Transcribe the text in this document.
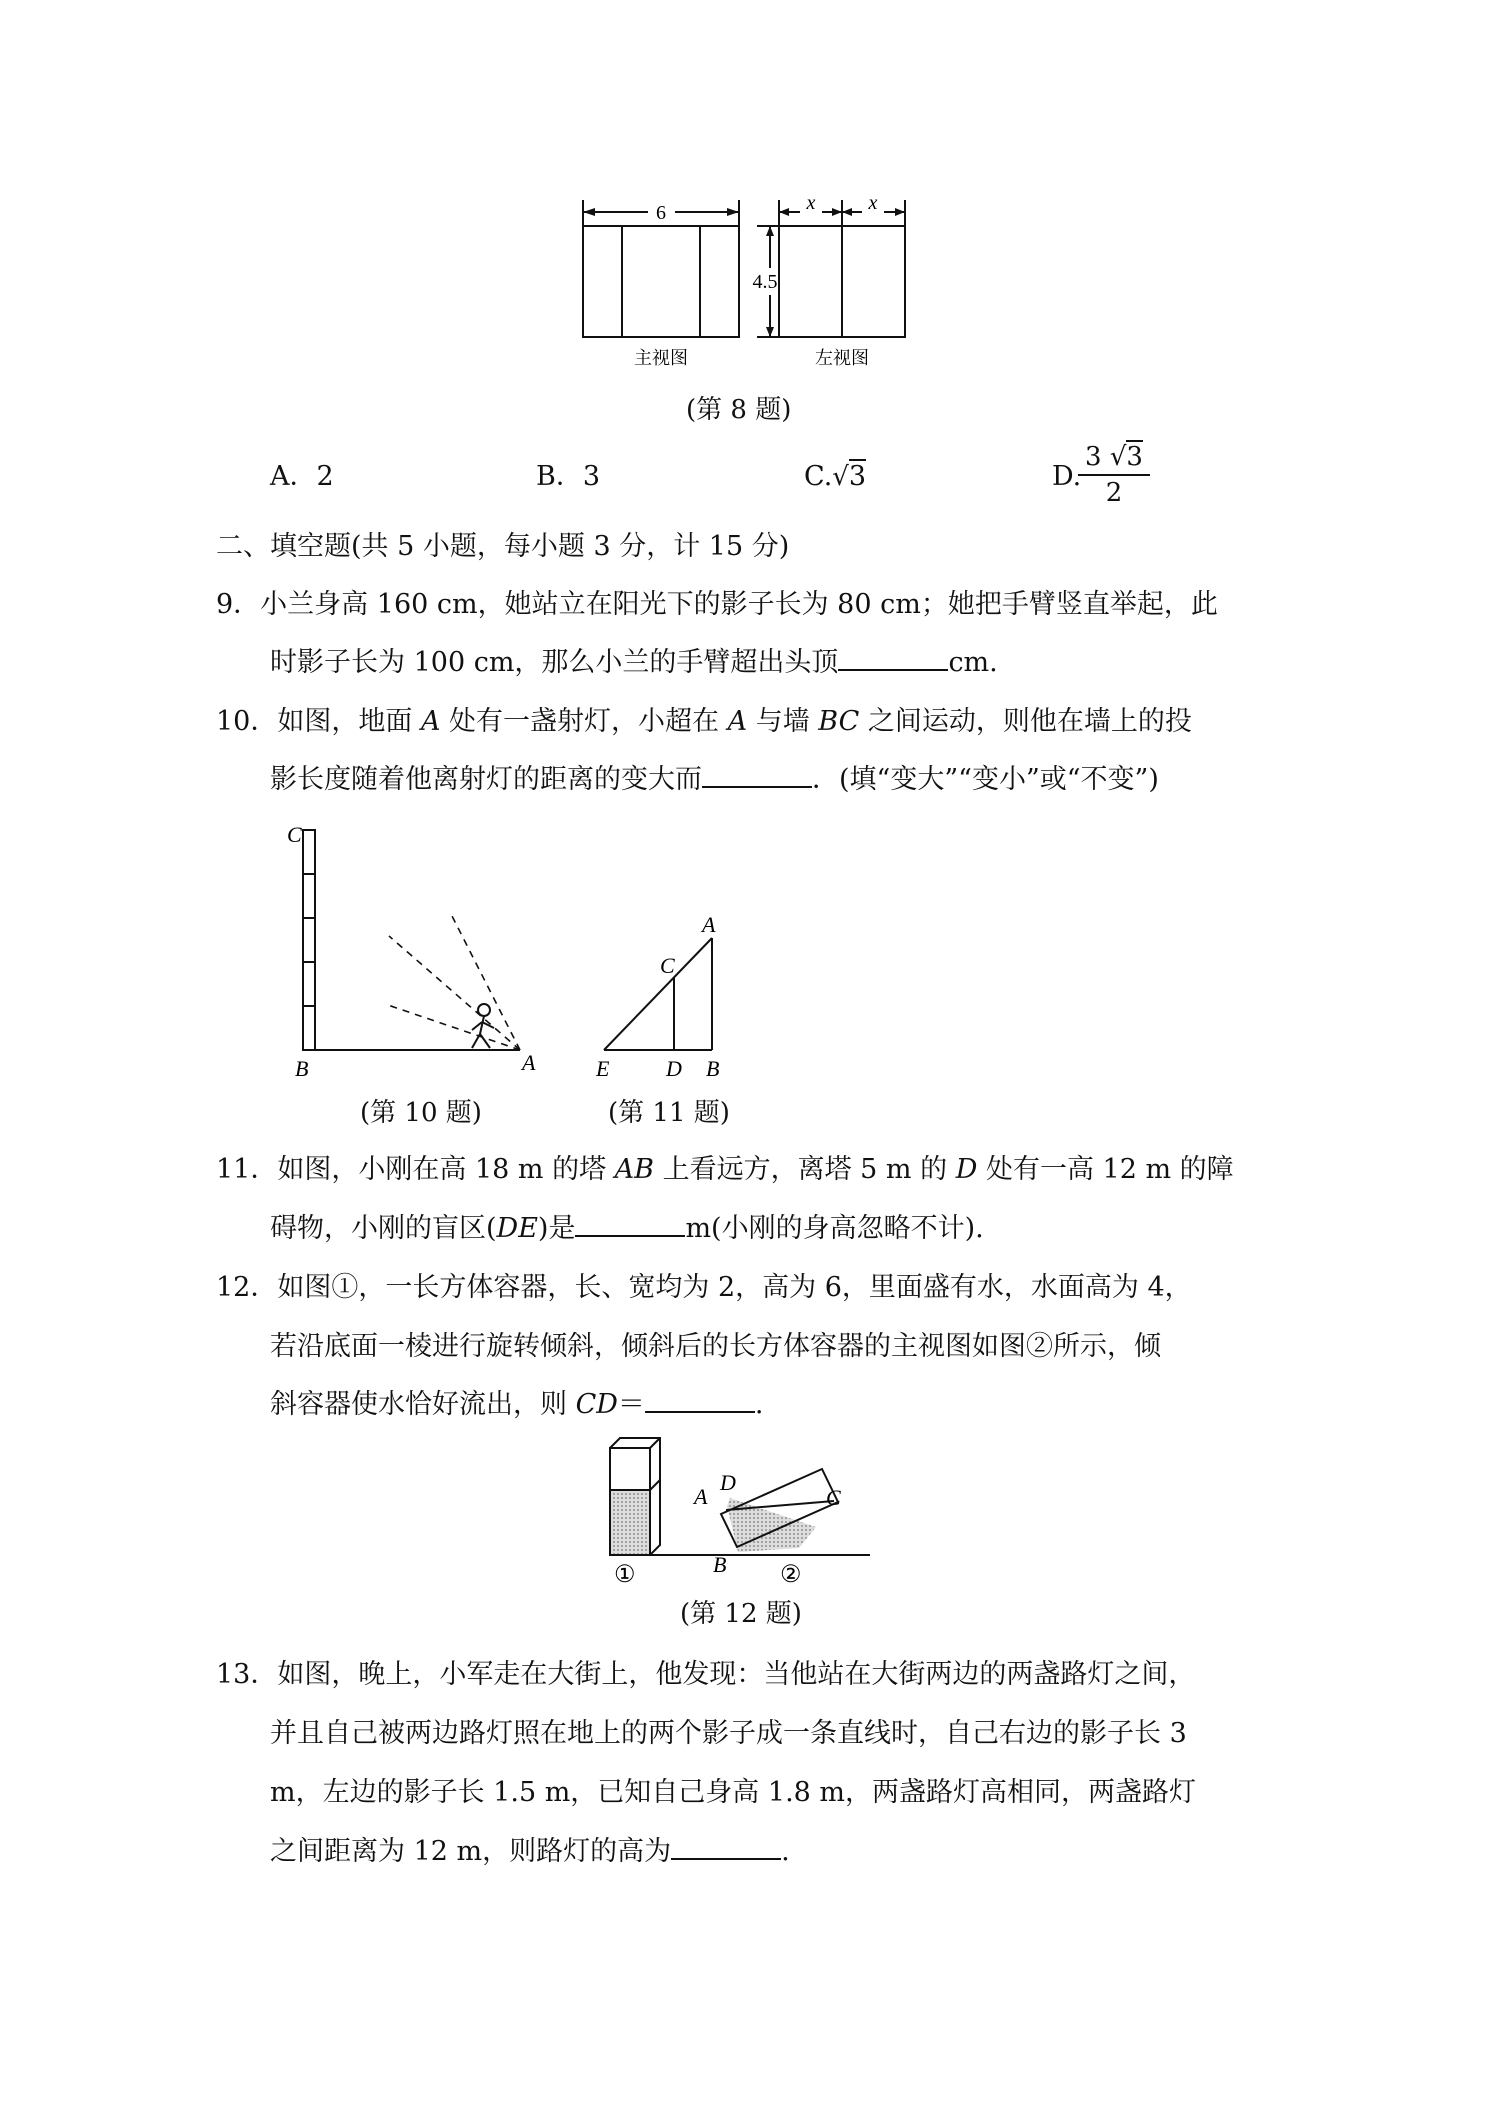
6	x	x
4.5
主视图	左视图
(第 8 题)
A．2	B．3	C.√3	D.
3 √3
2
二、填空题(共 5 小题，每小题 3 分，计 15 分)
9．小兰身高 160 cm，她站立在阳光下的影子长为 80 cm；她把手臂竖直举起，此
时影子长为 100 cm，那么小兰的手臂超出头顶	cm.
10．如图，地面 A 处有一盏射灯，小超在 A 与墙 BC 之间运动，则他在墙上的投
影长度随着他离射灯的距离的变大而	．(填“变大”“变小”或“不变”)
C
B	A
A
C
E	D B
(第 10 题)	(第 11 题)
11．如图，小刚在高 18 m 的塔 AB 上看远方，离塔 5 m 的 D 处有一高 12 m 的障
碍物，小刚的盲区(DE)是	m(小刚的身高忽略不计).
12．如图①，一长方体容器，长、宽均为 2，高为 6，里面盛有水，水面高为 4，
若沿底面一棱进行旋转倾斜，倾斜后的长方体容器的主视图如图②所示，倾
斜容器使水恰好流出，则 CD＝	.
①	②
A
D
C
B
(第 12 题)
13．如图，晚上，小军走在大街上，他发现：当他站在大街两边的两盏路灯之间，
并且自己被两边路灯照在地上的两个影子成一条直线时，自己右边的影子长 3
m，左边的影子长 1.5 m，已知自己身高 1.8 m，两盏路灯高相同，两盏路灯
之间距离为 12 m，则路灯的高为	.
